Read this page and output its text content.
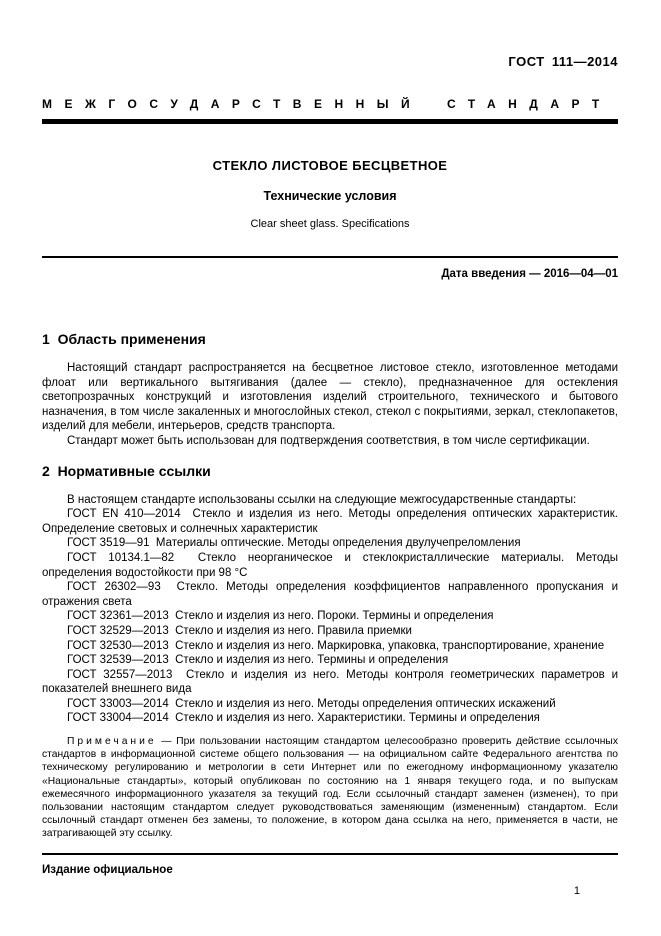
ГОСТ 111—2014
МЕЖГОСУДАРСТВЕННЫЙ СТАНДАРТ
СТЕКЛО ЛИСТОВОЕ БЕСЦВЕТНОЕ
Технические условия
Clear sheet glass. Specifications
Дата введения — 2016—04—01
1  Область применения

Настоящий стандарт распространяется на бесцветное листовое стекло, изготовленное методами флоат или вертикального вытягивания (далее — стекло), предназначенное для остекления светопрозрачных конструкций и изготовления изделий строительного, технического и бытового назначения, в том числе закаленных и многослойных стекол, стекол с покрытиями, зеркал, стеклопакетов, изделий для мебели, интерьеров, средств транспорта.

Стандарт может быть использован для подтверждения соответствия, в том числе сертификации.

2  Нормативные ссылки

В настоящем стандарте использованы ссылки на следующие межгосударственные стандарты:

ГОСТ EN 410—2014  Стекло и изделия из него. Методы определения оптических характеристик. Определение световых и солнечных характеристик

ГОСТ 3519—91  Материалы оптические. Методы определения двулучепреломления

ГОСТ 10134.1—82  Стекло неорганическое и стеклокристаллические материалы. Методы определения водостойкости при 98 °С

ГОСТ 26302—93  Стекло. Методы определения коэффициентов направленного пропускания и отражения света

ГОСТ 32361—2013  Стекло и изделия из него. Пороки. Термины и определения

ГОСТ 32529—2013  Стекло и изделия из него. Правила приемки

ГОСТ 32530—2013  Стекло и изделия из него. Маркировка, упаковка, транспортирование, хранение

ГОСТ 32539—2013  Стекло и изделия из него. Термины и определения

ГОСТ 32557—2013  Стекло и изделия из него. Методы контроля геометрических параметров и показателей внешнего вида

ГОСТ 33003—2014  Стекло и изделия из него. Методы определения оптических искажений

ГОСТ 33004—2014  Стекло и изделия из него. Характеристики. Термины и определения

Примечание — При пользовании настоящим стандартом целесообразно проверить действие ссылочных стандартов в информационной системе общего пользования — на официальном сайте Федерального агентства по техническому регулированию и метрологии в сети Интернет или по ежегодному информационному указателю «Национальные стандарты», который опубликован по состоянию на 1 января текущего года, и по выпускам ежемесячного информационного указателя за текущий год. Если ссылочный стандарт заменен (изменен), то при пользовании настоящим стандартом следует руководствоваться заменяющим (измененным) стандартом. Если ссылочный стандарт отменен без замены, то положение, в котором дана ссылка на него, применяется в части, не затрагивающей эту ссылку.

Издание официальное
1
